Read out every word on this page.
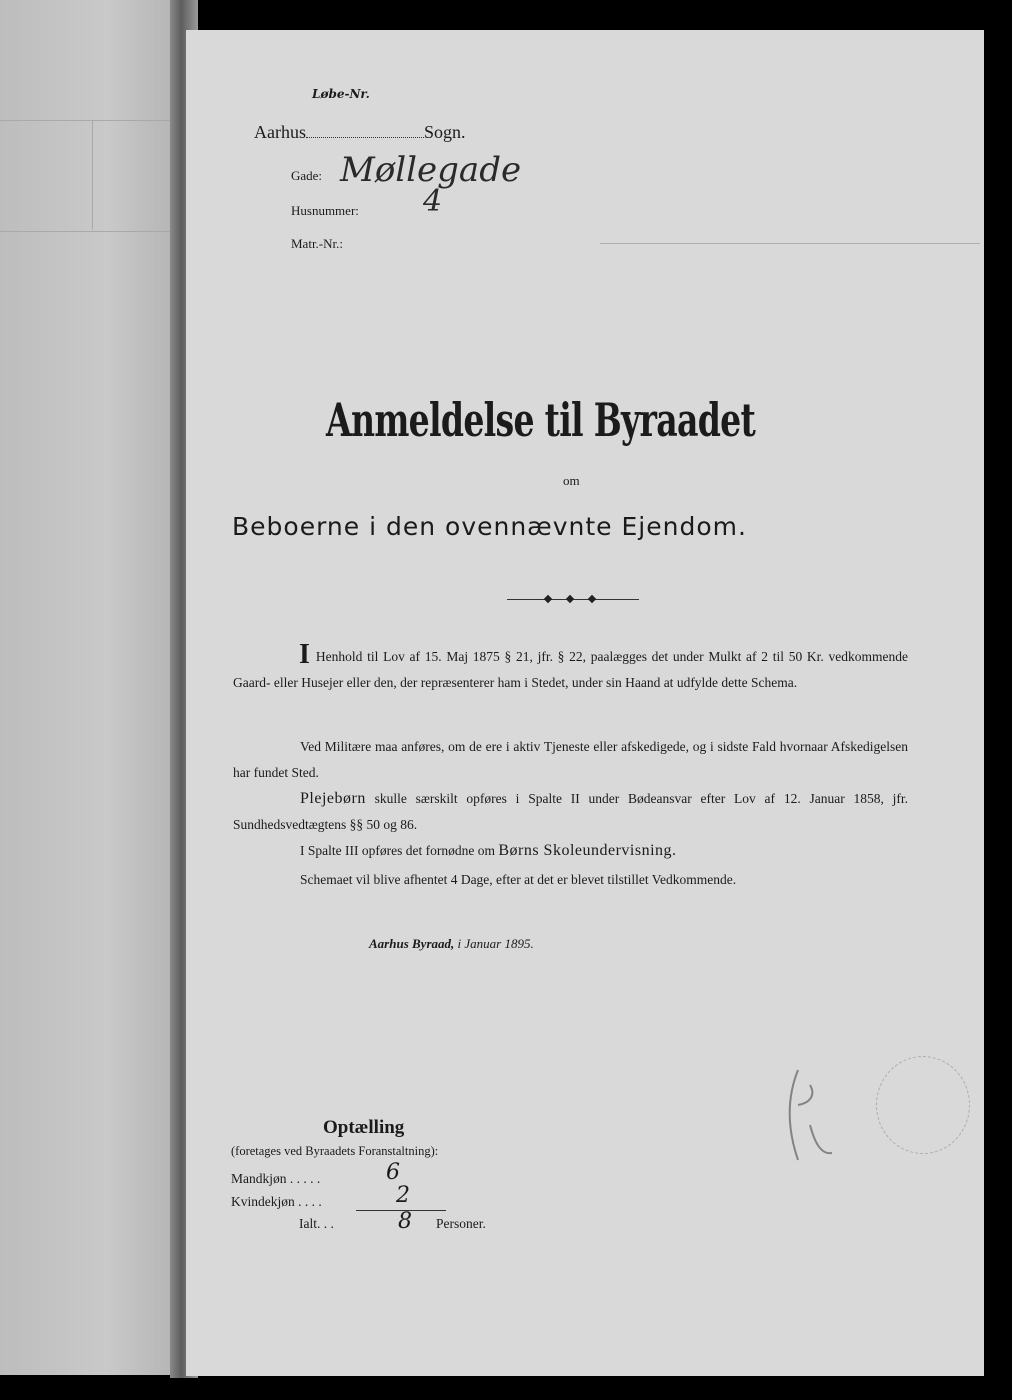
Løbe-Nr.
Aarhus	Sogn.
Gade: Møllegade
Husnummer: 4
Matr.-Nr.:
Anmeldelse til Byraadet
om
Beboerne i den ovennævnte Ejendom.
I Henhold til Lov af 15. Maj 1875 § 21, jfr. § 22, paalægges det under Mulkt af 2 til 50 Kr. vedkommende Gaard- eller Husejer eller den, der repræsenterer ham i Stedet, under sin Haand at udfylde dette Schema.
Ved Militære maa anføres, om de ere i aktiv Tjeneste eller afskedigede, og i sidste Fald hvornaar Afskedigelsen har fundet Sted.
Plejebørn skulle særskilt opføres i Spalte II under Bødeansvar efter Lov af 12. Januar 1858, jfr. Sundhedsvedtægtens §§ 50 og 86.
I Spalte III opføres det fornødne om Børns Skoleundervisning.
Schemaet vil blive afhentet 4 Dage, efter at det er blevet tilstillet Vedkommende.
Aarhus Byraad, i Januar 1895.
Optælling
(foretages ved Byraadets Foranstaltning):
Mandkjøn . . . . .	6
Kvindekjøn . . . .	2
Ialt. . .	8 Personer.
